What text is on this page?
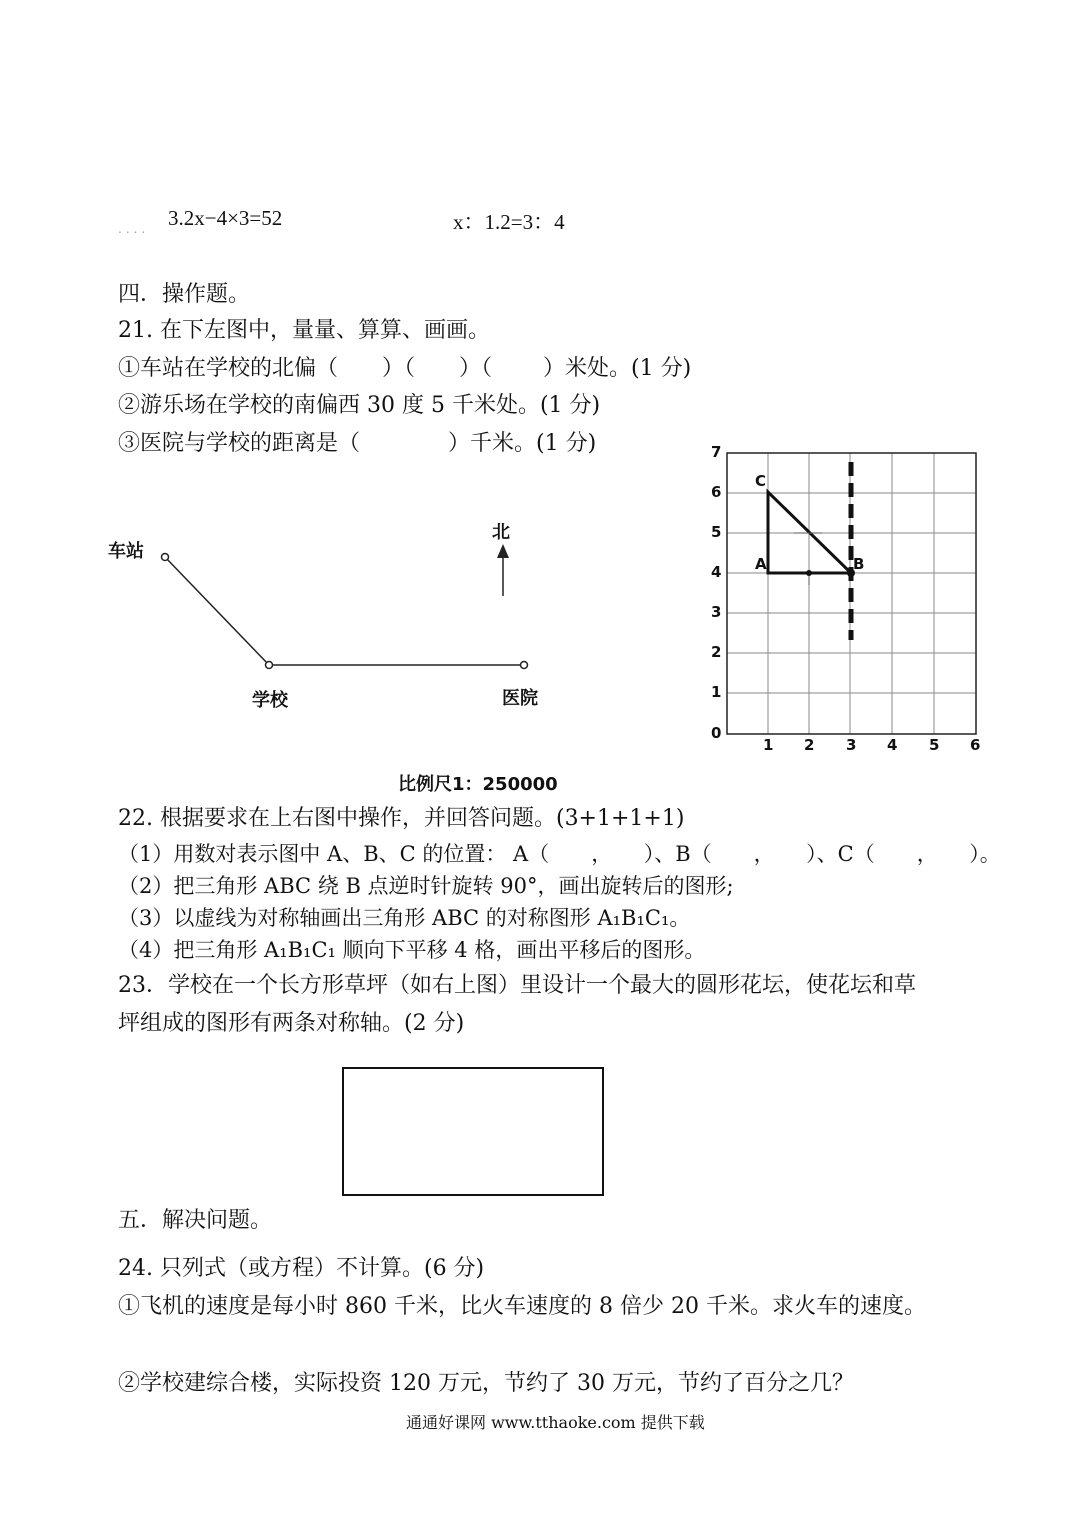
.... 3.2x−4×3=52	x：1.2=3：4
四．操作题。
21. 在下左图中，量量、算算、画画。
①车站在学校的北偏（　　）（　　）（　　 ）米处。(1 分)
②游乐场在学校的南偏西 30 度 5 千米处。(1 分)
③医院与学校的距离是（　　　　）千米。(1 分)
车站
北
学校	医院
比例尺1：250000
7
6
5
4
3
2
1
0
1 2 3 4 5 6
C
A	B
22. 根据要求在上右图中操作，并回答问题。(3+1+1+1)
（1）用数对表示图中 A、B、C 的位置： A（　　，　　）、B（　　，　　）、C（　　，　　）。
（2）把三角形 ABC 绕 B 点逆时针旋转 90°，画出旋转后的图形;
（3）以虚线为对称轴画出三角形 ABC 的对称图形 A₁B₁C₁。
（4）把三角形 A₁B₁C₁ 顺向下平移 4 格，画出平移后的图形。
23．学校在一个长方形草坪（如右上图）里设计一个最大的圆形花坛，使花坛和草
坪组成的图形有两条对称轴。(2 分)
五．解决问题。
24. 只列式（或方程）不计算。(6 分)
①飞机的速度是每小时 860 千米，比火车速度的 8 倍少 20 千米。求火车的速度。
②学校建综合楼，实际投资 120 万元，节约了 30 万元，节约了百分之几？
通通好课网 www.tthaoke.com 提供下载
